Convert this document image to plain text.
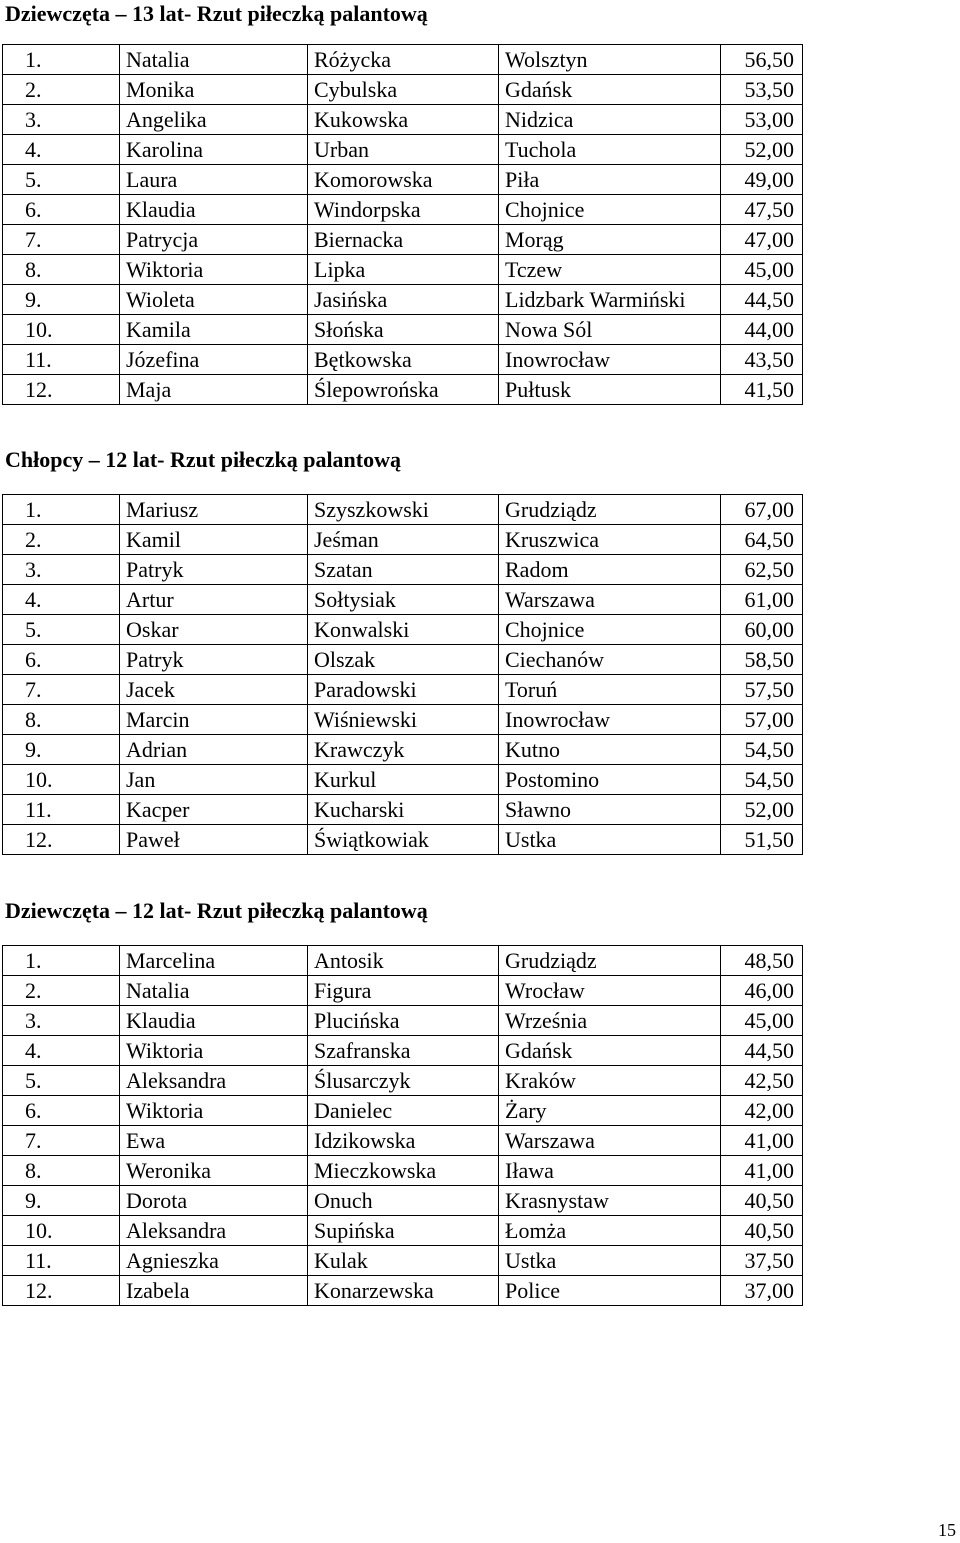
Dziewczęta – 13 lat- Rzut piłeczką palantową
1.	Natalia	Różycka	Wolsztyn	56,50
2.	Monika	Cybulska	Gdańsk	53,50
3.	Angelika	Kukowska	Nidzica	53,00
4.	Karolina	Urban	Tuchola	52,00
5.	Laura	Komorowska	Piła	49,00
6.	Klaudia	Windorpska	Chojnice	47,50
7.	Patrycja	Biernacka	Morąg	47,00
8.	Wiktoria	Lipka	Tczew	45,00
9.	Wioleta	Jasińska	Lidzbark Warmiński	44,50
10.	Kamila	Słońska	Nowa Sól	44,00
11.	Józefina	Bętkowska	Inowrocław	43,50
12.	Maja	Ślepowrońska	Pułtusk	41,50
Chłopcy – 12 lat- Rzut piłeczką palantową
1.	Mariusz	Szyszkowski	Grudziądz	67,00
2.	Kamil	Jeśman	Kruszwica	64,50
3.	Patryk	Szatan	Radom	62,50
4.	Artur	Sołtysiak	Warszawa	61,00
5.	Oskar	Konwalski	Chojnice	60,00
6.	Patryk	Olszak	Ciechanów	58,50
7.	Jacek	Paradowski	Toruń	57,50
8.	Marcin	Wiśniewski	Inowrocław	57,00
9.	Adrian	Krawczyk	Kutno	54,50
10.	Jan	Kurkul	Postomino	54,50
11.	Kacper	Kucharski	Sławno	52,00
12.	Paweł	Świątkowiak	Ustka	51,50
Dziewczęta – 12 lat- Rzut piłeczką palantową
1.	Marcelina	Antosik	Grudziądz	48,50
2.	Natalia	Figura	Wrocław	46,00
3.	Klaudia	Plucińska	Września	45,00
4.	Wiktoria	Szafranska	Gdańsk	44,50
5.	Aleksandra	Ślusarczyk	Kraków	42,50
6.	Wiktoria	Danielec	Żary	42,00
7.	Ewa	Idzikowska	Warszawa	41,00
8.	Weronika	Mieczkowska	Iława	41,00
9.	Dorota	Onuch	Krasnystaw	40,50
10.	Aleksandra	Supińska	Łomża	40,50
11.	Agnieszka	Kulak	Ustka	37,50
12.	Izabela	Konarzewska	Police	37,00
15
